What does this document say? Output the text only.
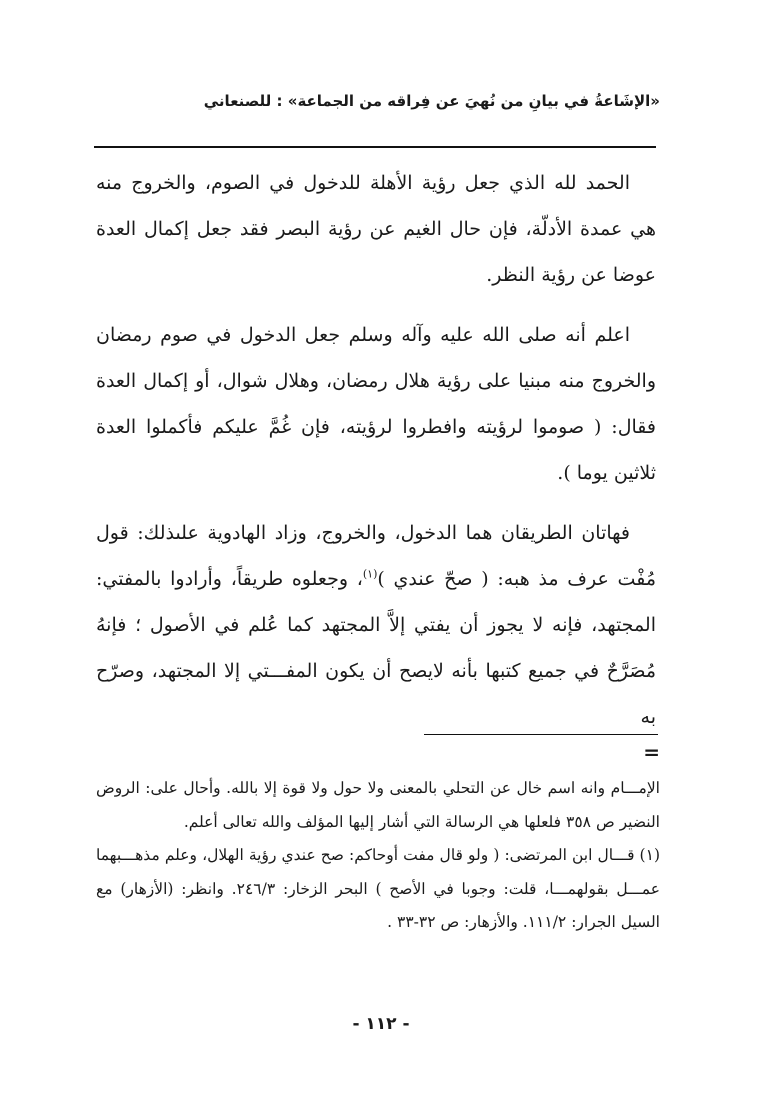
«الإشَاعةُ في بيانِ من نُهيَ عن فِراقه من الجماعة» : للصنعاني

الحمد لله الذي جعل رؤية الأهلة للدخول في الصوم، والخروج منه هي عمدة الأدلّة، فإن حال الغيم عن رؤية البصر فقد جعل إكمال العدة عوضا عن رؤية النظر.

اعلم أنه صلى الله عليه وآله وسلم جعل الدخول في صوم رمضان والخروج منه مبنيا على رؤية هلال رمضان، وهلال شوال، أو إكمال العدة فقال: ( صوموا لرؤيته وافطروا لرؤيته، فإن غُمَّ عليكم فأكملوا العدة ثلاثين يوما ).

فهاتان الطريقان هما الدخول، والخروج، وزاد الهادوية علىذلك: قول مُفْت عرف مذ هبه: ( صحّ عندي )$^{(١)}$، وجعلوه طريقاً، وأرادوا بالمفتي: المجتهد، فإنه لا يجوز أن يفتي إلاَّ المجتهد كما عُلم في الأصول ؛ فإنهُ مُصَرَّحٌ في جميع كتبها بأنه لايصح أن يكون المفـــتي إلا المجتهد، وصرّح به

=

الإمـــام وانه اسم خال عن التحلي بالمعنى ولا حول ولا قوة إلا بالله. وأحال على: الروض النضير ص ٣٥٨ فلعلها هي الرسالة التي أشار إليها المؤلف والله تعالى أعلم.

(١) قـــال ابن المرتضى: ( ولو قال مفت أوحاكم: صح عندي رؤية الهلال، وعلم مذهـــبهما عمـــل بقولهمـــا، قلت: وجوبا في الأصح ) البحر الزخار: ٢٤٦/٣. وانظر: (الأزهار) مع السيل الجرار: ١١١/٢. والأزهار: ص ٣٢-٣٣ .

- ١١٢ -
